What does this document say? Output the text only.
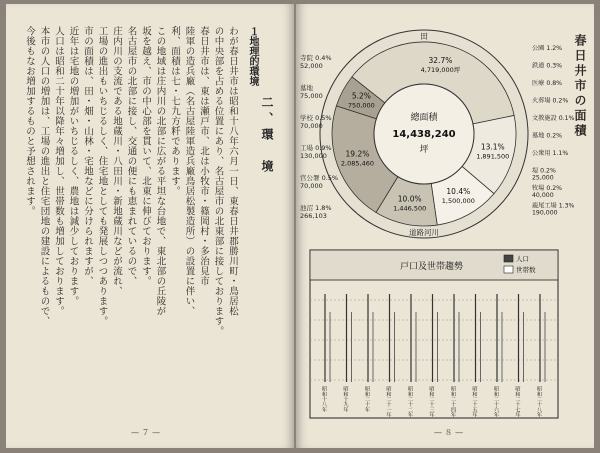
二、環　境
１地理的環境
わが春日井市は昭和十八年六月一日、東春日井郡勝川町・鳥居松
の中央部を占める位置にあり、名古屋市の北東部に接しております。
春日井市は、東は瀬戸市、北は小牧市・篠岡村・多治見市
陸軍の造兵廠（名古屋陸軍造兵廠鳥居松製造所）の設置に伴い、
利、面積は七・七九方粁であります。
この地域は庄内川の北部に広がる平坦な台地で、東北部の丘陵が
坂を越え、市の中心部を貫いて、北東に伸びております。
名古屋市の北部に接し、交通の便にも恵まれているので、
庄内川の支流である地蔵川・八田川・新地蔵川などが流れ、
工場の進出もいちじるしく、住宅地としても発展しつつあります。
市の面積は、田・畑・山林・宅地などに分けられますが、
近年は宅地の増加がいちじるしく、農地は減少しております。
人口は昭和二十年以降年々増加し、世帯数も増加しております。
本市の人口の増加は、工場の進出と住宅団地の建設によるもので、
今後もなお増加するものと予想されます。
— ７ —
春日井市の面積
田
道路河川
32.7%
4,719,000坪
13.1%
1,891,500
10.4%
1,500,000
10.0%
1,446,500
19.2%
2,085,460
5.2%
750,000
總面積
14,438,240
坪
寺院 0.4%
52,000
墓地
75,000
学校 0.5%
70,000
工場 0.9%
130,000
官公署 0.5%
70,000
池沼 1.8%
266,103
公園 1.2%
鉄道 0.3%
医療 0.8%
火葬場 0.2%
文教施設 0.1%
墓地 0.2%
公衆用 1.1%
堤 0.2%
25,000
牧場 0.2%
40,000
鹿尾工場 1.3%
190,000
戸口及世帯趨勢
人口
世帯数
昭和十八年	昭和十九年	昭和二十年	昭和二十一年	昭和二十二年	昭和二十三年	昭和二十四年	昭和二十五年	昭和二十六年	昭和二十七年	昭和二十八年
— ８ —
